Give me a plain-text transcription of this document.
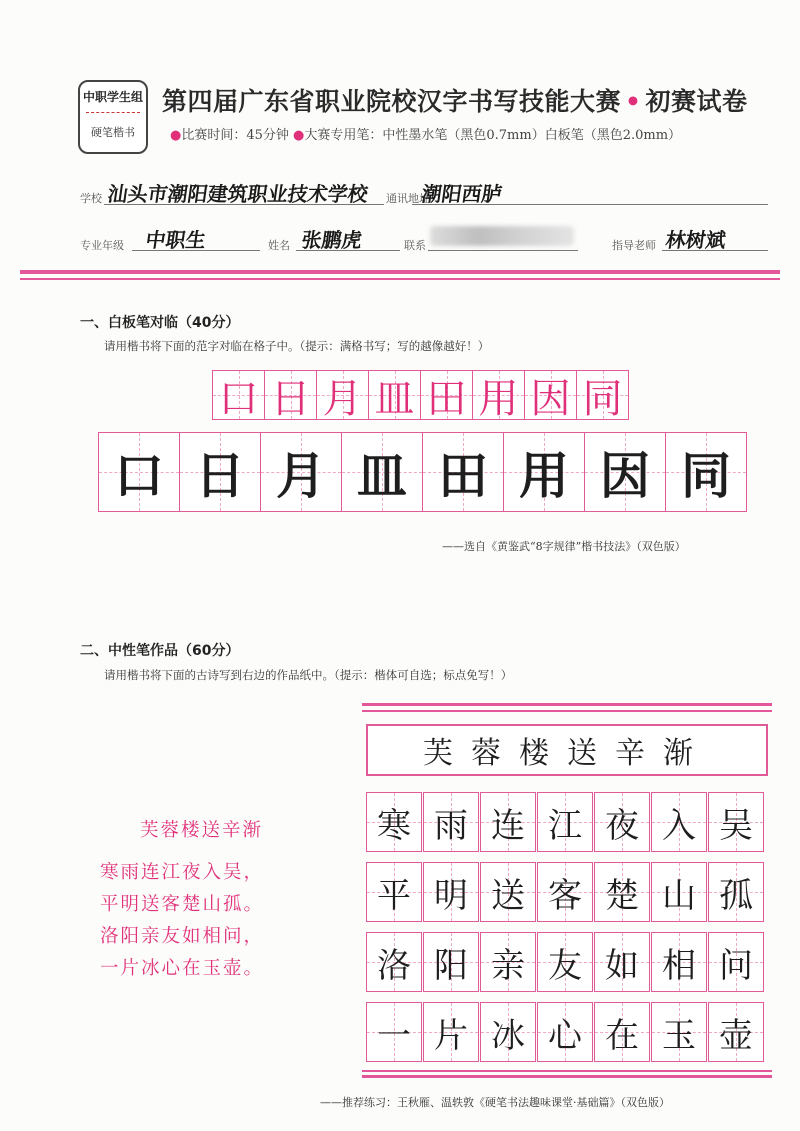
中职学生组
硬笔楷书
第四届广东省职业院校汉字书写技能大赛 • 初赛试卷
●比赛时间：45分钟 ●大赛专用笔：中性墨水笔（黑色0.7mm）白板笔（黑色2.0mm）
学校 汕头市潮阳建筑职业技术学校 通讯地址
潮阳西胪
专业年级 中职生	姓名 张鹏虎	联系	指导老师 林树斌
一、白板笔对临（40分）
请用楷书将下面的范字对临在格子中。（提示：满格书写；写的越像越好！）
口 日 月 皿 田 用 因 同
口 日 月 皿 田 用 因 同
——选自《黄鉴武“8字规律”楷书技法》（双色版）
二、中性笔作品（60分）
请用楷书将下面的古诗写到右边的作品纸中。（提示：楷体可自选；标点免写！）
芙蓉楼送辛渐
寒雨连江夜入吴，
平明送客楚山孤。
洛阳亲友如相问，
一片冰心在玉壶。
芙蓉楼送辛渐
寒 雨 连 江 夜 入 吴
平 明 送 客 楚 山 孤
洛 阳 亲 友 如 相 问
一 片 冰 心 在 玉 壶
——推荐练习：王秋雁、温轶敦《硬笔书法趣味课堂·基础篇》（双色版）
